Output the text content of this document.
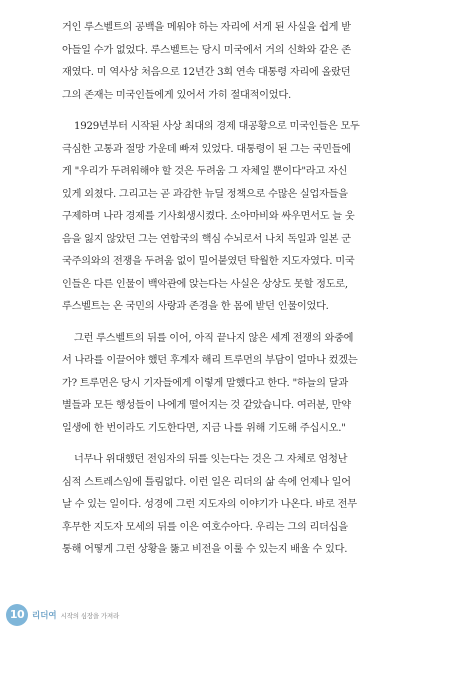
거인 루스벨트의 공백을 메워야 하는 자리에 서게 된 사실을 쉽게 받
아들일 수가 없었다. 루스벨트는 당시 미국에서 거의 신화와 같은 존
재였다. 미 역사상 처음으로 12년간 3회 연속 대통령 자리에 올랐던
그의 존재는 미국인들에게 있어서 가히 절대적이었다.
1929년부터 시작된 사상 최대의 경제 대공황으로 미국인들은 모두
극심한 고통과 절망 가운데 빠져 있었다. 대통령이 된 그는 국민들에
게 "우리가 두려워해야 할 것은 두려움 그 자체일 뿐이다"라고 자신
있게 외쳤다. 그리고는 곧 과감한 뉴딜 정책으로 수많은 실업자들을
구제하며 나라 경제를 기사회생시켰다. 소아마비와 싸우면서도 늘 웃
음을 잃지 않았던 그는 연합국의 핵심 수뇌로서 나치 독일과 일본 군
국주의와의 전쟁을 두려움 없이 밀어붙였던 탁월한 지도자였다. 미국
인들은 다른 인물이 백악관에 앉는다는 사실은 상상도 못할 정도로,
루스벨트는 온 국민의 사랑과 존경을 한 몸에 받던 인물이었다.
그런 루스벨트의 뒤를 이어, 아직 끝나지 않은 세계 전쟁의 와중에
서 나라를 이끌어야 했던 후계자 해리 트루먼의 부담이 얼마나 컸겠는
가? 트루먼은 당시 기자들에게 이렇게 말했다고 한다. "하늘의 달과
별들과 모든 행성들이 나에게 떨어지는 것 같았습니다. 여러분, 만약
일생에 한 번이라도 기도한다면, 지금 나를 위해 기도해 주십시오."
너무나 위대했던 전임자의 뒤를 잇는다는 것은 그 자체로 엄청난
심적 스트레스임에 틀림없다. 이런 일은 리더의 삶 속에 언제나 일어
날 수 있는 일이다. 성경에 그런 지도자의 이야기가 나온다. 바로 전무
후무한 지도자 모세의 뒤를 이은 여호수아다. 우리는 그의 리더십을
통해 어떻게 그런 상황을 뚫고 비전을 이룰 수 있는지 배울 수 있다.
10 리더여 시작의 심장을 가져라
